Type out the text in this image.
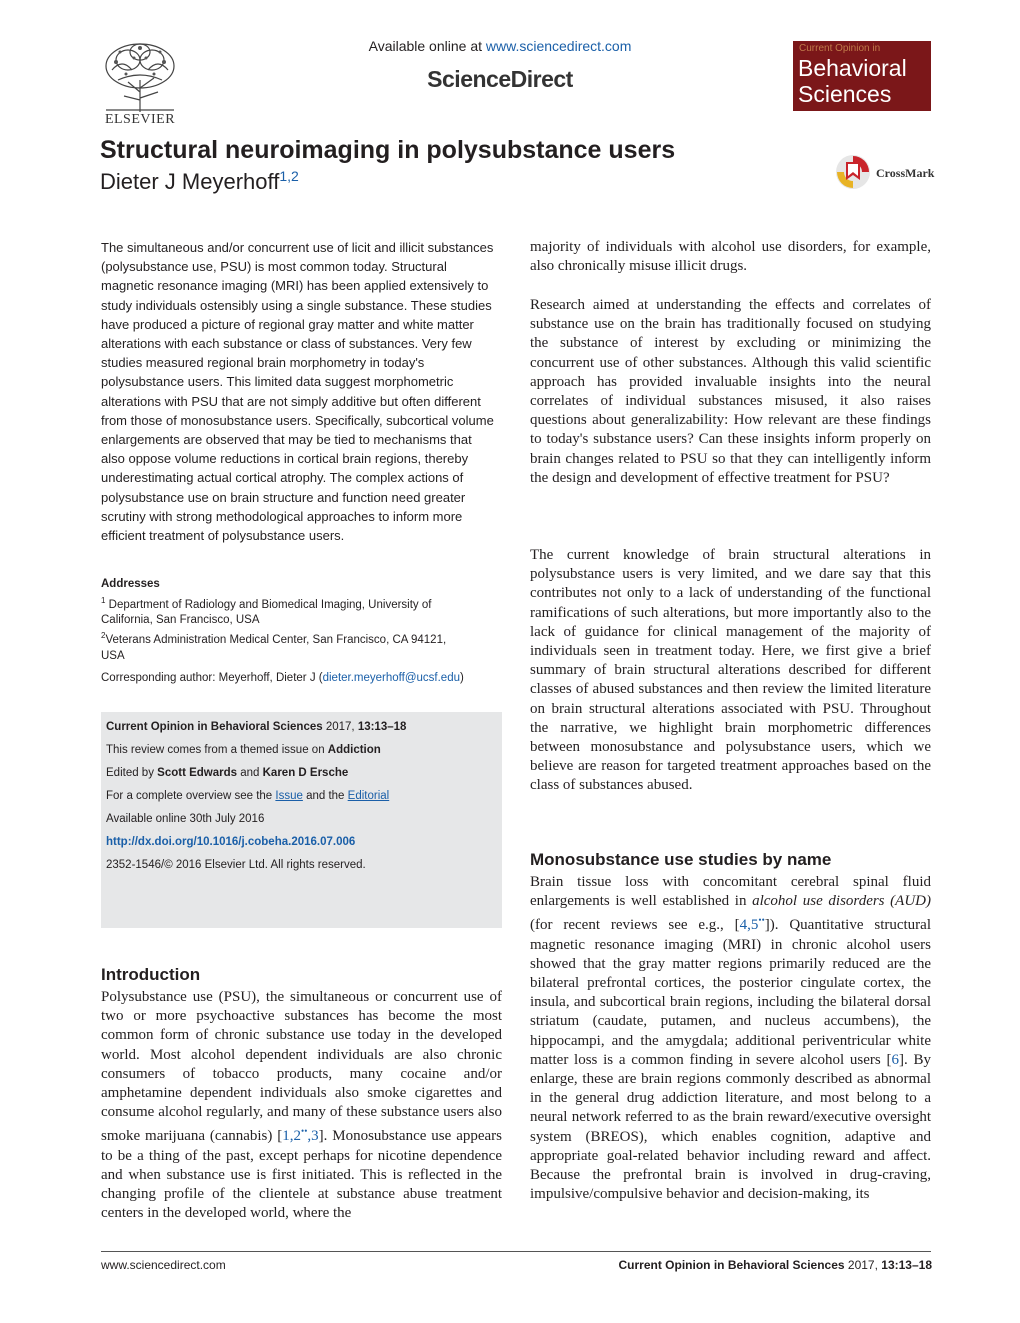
ELSEVIER
Available online at www.sciencedirect.com
ScienceDirect
Current Opinion in
Behavioral
Sciences
Structural neuroimaging in polysubstance users
Dieter J Meyerhoff$^{1,2}$	CrossMark
The simultaneous and/or concurrent use of licit and illicit substances (polysubstance use, PSU) is most common today. Structural magnetic resonance imaging (MRI) has been applied extensively to study individuals ostensibly using a single substance. These studies have produced a picture of regional gray matter and white matter alterations with each substance or class of substances. Very few studies measured regional brain morphometry in today's polysubstance users. This limited data suggest morphometric alterations with PSU that are not simply additive but often different from those of monosubstance users. Specifically, subcortical volume enlargements are observed that may be tied to mechanisms that also oppose volume reductions in cortical brain regions, thereby underestimating actual cortical atrophy. The complex actions of polysubstance use on brain structure and function need greater scrutiny with strong methodological approaches to inform more efficient treatment of polysubstance users.
Addresses
$^1$ Department of Radiology and Biomedical Imaging, University of
California, San Francisco, USA
$^2$Veterans Administration Medical Center, San Francisco, CA 94121,
USA
Corresponding author: Meyerhoff, Dieter J (dieter.meyerhoff@ucsf.edu)
Current Opinion in Behavioral Sciences 2017, 13:13–18
This review comes from a themed issue on Addiction
Edited by Scott Edwards and Karen D Ersche
For a complete overview see the Issue and the Editorial
Available online 30th July 2016
http://dx.doi.org/10.1016/j.cobeha.2016.07.006
2352-1546/© 2016 Elsevier Ltd. All rights reserved.
Introduction
Polysubstance use (PSU), the simultaneous or concurrent use of two or more psychoactive substances has become the most common form of chronic substance use today in the developed world. Most alcohol dependent individuals are also chronic consumers of tobacco products, many cocaine and/or amphetamine dependent individuals also smoke cigarettes and consume alcohol regularly, and many of these substance users also smoke marijuana (cannabis) [1,2••,3]. Monosubstance use appears to be a thing of the past, except perhaps for nicotine dependence and when substance use is first initiated. This is reflected in the changing profile of the clientele at substance abuse treatment centers in the developed world, where the
majority of individuals with alcohol use disorders, for example, also chronically misuse illicit drugs.
Research aimed at understanding the effects and correlates of substance use on the brain has traditionally focused on studying the substance of interest by excluding or minimizing the concurrent use of other substances. Although this valid scientific approach has provided invaluable insights into the neural correlates of individual substances misused, it also raises questions about generalizability: How relevant are these findings to today's substance users? Can these insights inform properly on brain changes related to PSU so that they can intelligently inform the design and development of effective treatment for PSU?
The current knowledge of brain structural alterations in polysubstance users is very limited, and we dare say that this contributes not only to a lack of understanding of the functional ramifications of such alterations, but more importantly also to the lack of guidance for clinical management of the majority of individuals seen in treatment today. Here, we first give a brief summary of brain structural alterations described for different classes of abused substances and then review the limited literature on brain structural alterations associated with PSU. Throughout the narrative, we highlight brain morphometric differences between monosubstance and polysubstance users, which we believe are reason for targeted treatment approaches based on the class of substances abused.
Monosubstance use studies by name
Brain tissue loss with concomitant cerebral spinal fluid enlargements is well established in alcohol use disorders (AUD) (for recent reviews see e.g., [4,5••]). Quantitative structural magnetic resonance imaging (MRI) in chronic alcohol users showed that the gray matter regions primarily reduced are the bilateral prefrontal cortices, the posterior cingulate cortex, the insula, and subcortical brain regions, including the bilateral dorsal striatum (caudate, putamen, and nucleus accumbens), the hippocampi, and the amygdala; additional periventricular white matter loss is a common finding in severe alcohol users [6]. By enlarge, these are brain regions commonly described as abnormal in the general drug addiction literature, and most belong to a neural network referred to as the brain reward/executive oversight system (BREOS), which enables cognition, adaptive and appropriate goal-related behavior including reward and affect. Because the prefrontal brain is involved in drug-craving, impulsive/compulsive behavior and decision-making, its
www.sciencedirect.com	Current Opinion in Behavioral Sciences 2017, 13:13–18
